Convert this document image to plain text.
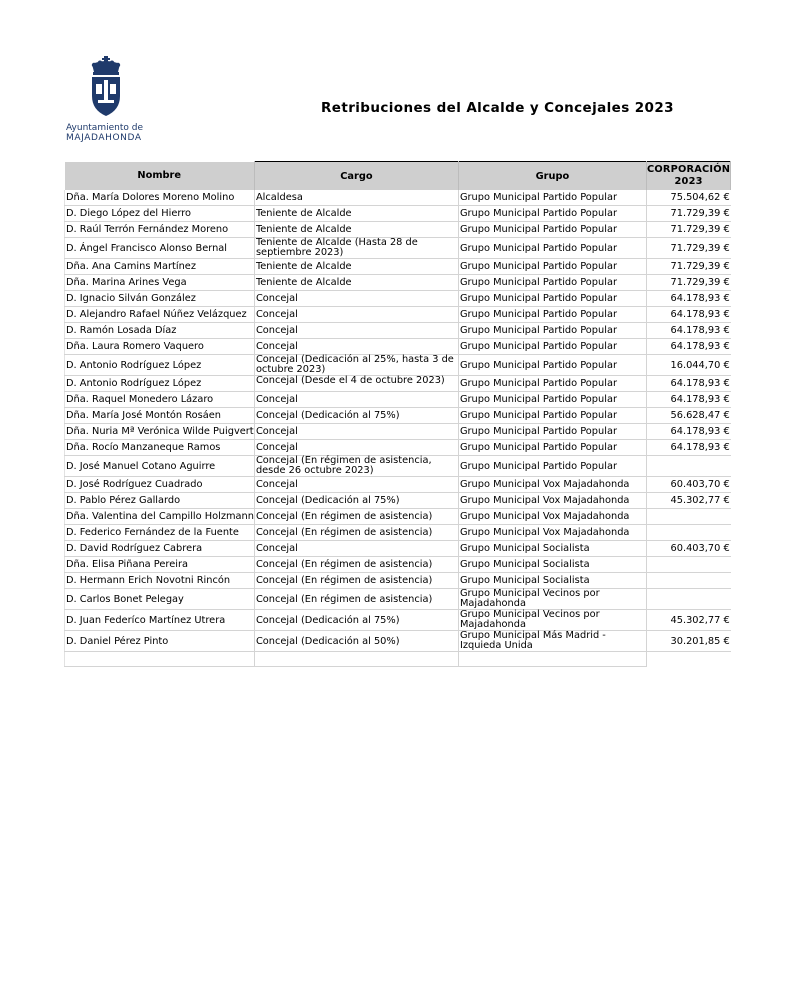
Ayuntamiento de
MAJADAHONDA
Retribuciones del Alcalde y Concejales 2023
Nombre	Cargo	Grupo	CORPORACIÓN 2023
Dña. María Dolores Moreno Molino	Alcaldesa	Grupo Municipal Partido Popular	75.504,62 €
D. Diego López del Hierro	Teniente de Alcalde	Grupo Municipal Partido Popular	71.729,39 €
D. Raúl Terrón Fernández Moreno	Teniente de Alcalde	Grupo Municipal Partido Popular	71.729,39 €
D. Ángel Francisco Alonso Bernal	Teniente de Alcalde (Hasta 28 de septiembre 2023)	Grupo Municipal Partido Popular	71.729,39 €
Dña. Ana Camins Martínez	Teniente de Alcalde	Grupo Municipal Partido Popular	71.729,39 €
Dña. Marina Arines Vega	Teniente de Alcalde	Grupo Municipal Partido Popular	71.729,39 €
D. Ignacio Silván González	Concejal	Grupo Municipal Partido Popular	64.178,93 €
D. Alejandro Rafael Núñez Velázquez	Concejal	Grupo Municipal Partido Popular	64.178,93 €
D. Ramón Losada Díaz	Concejal	Grupo Municipal Partido Popular	64.178,93 €
Dña. Laura Romero Vaquero	Concejal	Grupo Municipal Partido Popular	64.178,93 €
D. Antonio Rodríguez López	Concejal (Dedicación al 25%, hasta 3 de octubre 2023)	Grupo Municipal Partido Popular	16.044,70 €
D. Antonio Rodríguez López	Concejal (Desde el 4 de octubre 2023)	Grupo Municipal Partido Popular	64.178,93 €
Dña. Raquel Monedero Lázaro	Concejal	Grupo Municipal Partido Popular	64.178,93 €
Dña. María José Montón Rosáen	Concejal (Dedicación al 75%)	Grupo Municipal Partido Popular	56.628,47 €
Dña. Nuria Mª Verónica Wilde Puigvert	Concejal	Grupo Municipal Partido Popular	64.178,93 €
Dña. Rocío Manzaneque Ramos	Concejal	Grupo Municipal Partido Popular	64.178,93 €
D. José Manuel Cotano Aguirre	Concejal (En régimen de asistencia, desde 26 octubre 2023)	Grupo Municipal Partido Popular	
D. José Rodríguez Cuadrado	Concejal	Grupo Municipal Vox Majadahonda	60.403,70 €
D. Pablo Pérez Gallardo	Concejal (Dedicación al 75%)	Grupo Municipal Vox Majadahonda	45.302,77 €
Dña. Valentina del Campillo Holzmann	Concejal (En régimen de asistencia)	Grupo Municipal Vox Majadahonda	
D. Federico Fernández de la Fuente	Concejal (En régimen de asistencia)	Grupo Municipal Vox Majadahonda	
D. David Rodríguez Cabrera	Concejal	Grupo Municipal Socialista	60.403,70 €
Dña. Elisa Piñana Pereira	Concejal (En régimen de asistencia)	Grupo Municipal Socialista	
D. Hermann Erich Novotni Rincón	Concejal (En régimen de asistencia)	Grupo Municipal Socialista	
D. Carlos Bonet Pelegay	Concejal (En régimen de asistencia)	Grupo Municipal Vecinos por Majadahonda	
D. Juan Federíco Martínez Utrera	Concejal (Dedicación al 75%)	Grupo Municipal Vecinos por Majadahonda	45.302,77 €
D. Daniel Pérez Pinto	Concejal (Dedicación al 50%)	Grupo Municipal Más Madrid - Izquieda Unida	30.201,85 €
